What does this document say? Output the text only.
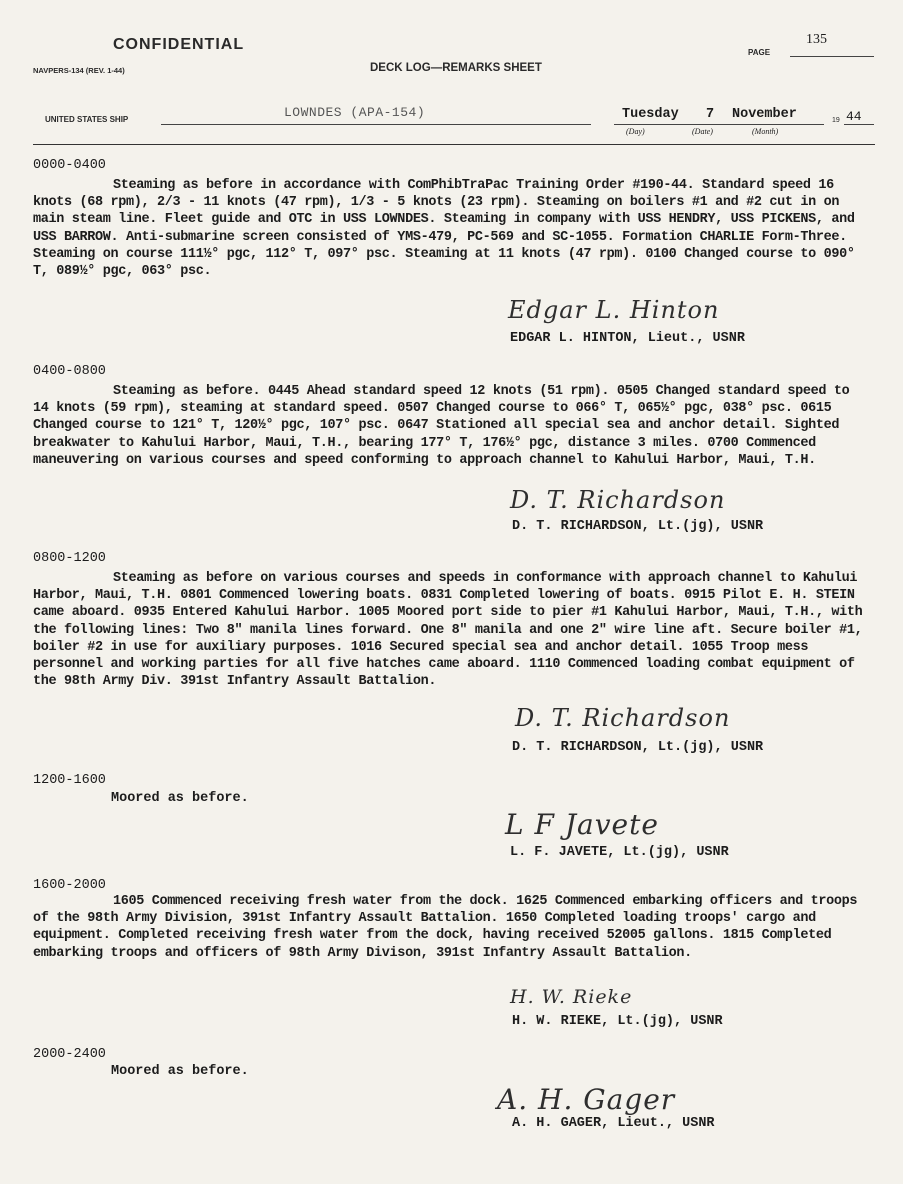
CONFIDENTIAL
NAVPERS-134 (REV. 1-44)	DECK LOG—REMARKS SHEET
PAGE
135
UNITED STATES SHIP	LOWNDES (APA-154)	Tuesday 7 November
(Day)	(Date)	(Month)
19 44
0000-0400

Steaming as before in accordance with ComPhibTraPac Training Order #190-44. Standard speed 16 knots (68 rpm), 2/3 - 11 knots (47 rpm), 1/3 - 5 knots (23 rpm). Steaming on boilers #1 and #2 cut in on main steam line. Fleet guide and OTC in USS LOWNDES. Steaming in company with USS HENDRY, USS PICKENS, and USS BARROW. Anti-submarine screen consisted of YMS-479, PC-569 and SC-1055. Formation CHARLIE Form-Three. Steaming on course 111½° pgc, 112° T, 097° psc. Steaming at 11 knots (47 rpm). 0100 Changed course to 090° T, 089½° pgc, 063° psc.

Edgar L. Hinton
EDGAR L. HINTON, Lieut., USNR
0400-0800

Steaming as before. 0445 Ahead standard speed 12 knots (51 rpm). 0505 Changed standard speed to 14 knots (59 rpm), steaming at standard speed. 0507 Changed course to 066° T, 065½° pgc, 038° psc. 0615 Changed course to 121° T, 120½° pgc, 107° psc. 0647 Stationed all special sea and anchor detail. Sighted breakwater to Kahului Harbor, Maui, T.H., bearing 177° T, 176½° pgc, distance 3 miles. 0700 Commenced maneuvering on various courses and speed conforming to approach channel to Kahului Harbor, Maui, T.H.

D. T. Richardson
D. T. RICHARDSON, Lt.(jg), USNR
0800-1200

Steaming as before on various courses and speeds in conformance with approach channel to Kahului Harbor, Maui, T.H. 0801 Commenced lowering boats. 0831 Completed lowering of boats. 0915 Pilot E. H. STEIN came aboard. 0935 Entered Kahului Harbor. 1005 Moored port side to pier #1 Kahului Harbor, Maui, T.H., with the following lines: Two 8" manila lines forward. One 8" manila and one 2" wire line aft. Secure boiler #1, boiler #2 in use for auxiliary purposes. 1016 Secured special sea and anchor detail. 1055 Troop mess personnel and working parties for all five hatches came aboard. 1110 Commenced loading combat equipment of the 98th Army Div. 391st Infantry Assault Battalion.

D. T. Richardson
D. T. RICHARDSON, Lt.(jg), USNR
1200-1600
Moored as before.
L F Javete
L. F. JAVETE, Lt.(jg), USNR
1600-2000

1605 Commenced receiving fresh water from the dock. 1625 Commenced embarking officers and troops of the 98th Army Division, 391st Infantry Assault Battalion. 1650 Completed loading troops' cargo and equipment. Completed receiving fresh water from the dock, having received 52005 gallons. 1815 Completed embarking troops and officers of 98th Army Divison, 391st Infantry Assault Battalion.

H. W. Rieke
H. W. RIEKE, Lt.(jg), USNR
2000-2400
Moored as before.
A. H. Gager
A. H. GAGER, Lieut., USNR
